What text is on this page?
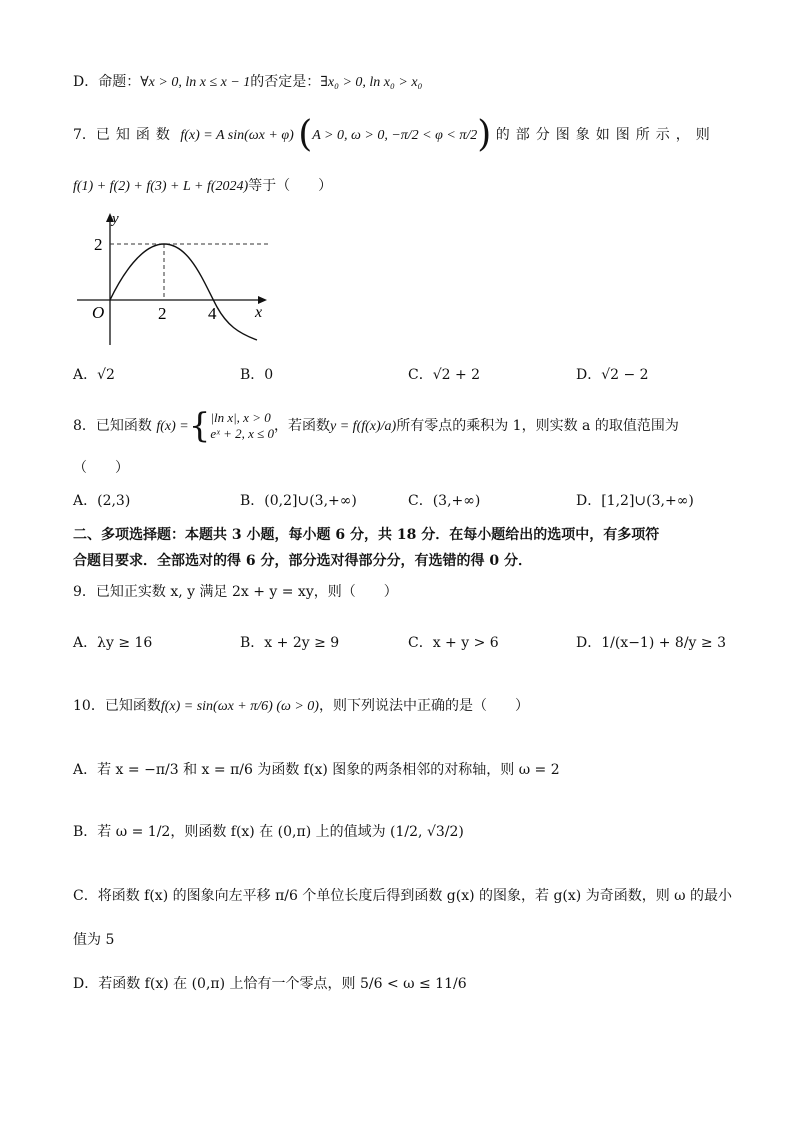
D．命题：∀x > 0, ln x ≤ x − 1的否定是：∃x₀ > 0, ln x₀ > x₀
7．已知函数 f(x) = A sin(ωx + φ) (A > 0, ω > 0, −π/2 < φ < π/2) 的部分图象如图所示，则
f(1) + f(2) + f(3) + L + f(2024)等于（　　）
y
x
O
2
2 4
A．√2	B．0	C．√2 + 2	D．√2 − 2
8．已知函数 f(x) ={ |ln x|, x > 0
eˣ + 2, x ≤ 0 ，若函数y = f(f(x)/a)所有零点的乘积为 1，则实数 a 的取值范围为
（　　）
A．(2,3)	B．(0,2]∪(3,+∞)	C．(3,+∞)	D．[1,2]∪(3,+∞)
二、多项选择题：本题共 3 小题，每小题 6 分，共 18 分．在每小题给出的选项中，有多项符
合题目要求．全部选对的得 6 分，部分选对得部分分，有选错的得 0 分．
9．已知正实数 x, y 满足 2x + y = xy，则（　　）
A．λy ≥ 16	B．x + 2y ≥ 9	C．x + y > 6	D．1/(x−1) + 8/y ≥ 3
10．已知函数f(x) = sin(ωx + π/6) (ω > 0)，则下列说法中正确的是（　　）
A．若 x = −π/3 和 x = π/6 为函数 f(x) 图象的两条相邻的对称轴，则 ω = 2
B．若 ω = 1/2，则函数 f(x) 在 (0,π) 上的值域为 (1/2, √3/2)
C．将函数 f(x) 的图象向左平移 π/6 个单位长度后得到函数 g(x) 的图象，若 g(x) 为奇函数，则 ω 的最小
值为 5
D．若函数 f(x) 在 (0,π) 上恰有一个零点，则 5/6 < ω ≤ 11/6
